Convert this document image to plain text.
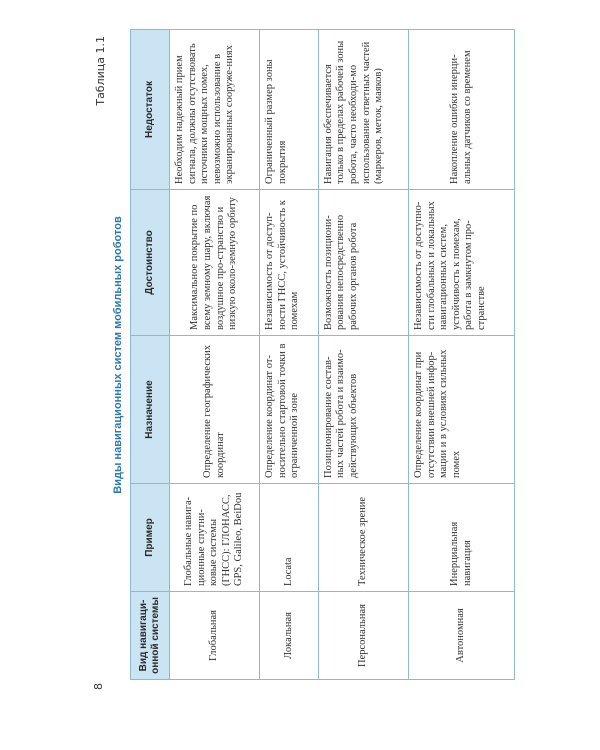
Таблица 1.1
Виды навигационных систем мобильных роботов
Вид навигаци-онной системы	Пример	Назначение	Достоинство	Недостаток
Глобальная	Глобальные навига-ционные спутни-ковые системы (ГНСС): ГЛОНАСС, GPS, Galileo, BeiDou	Определение географических координат	Максимальное покрытие по всему земному шару, включая воздушное про-странство и низкую около-земную орбиту	Необходим надежный прием сигнала, должны отсутствовать источники мощных помех, невозможно использование в экранированных сооруже-ниях
Локальная	Locata	Определение координат от-носительно стартовой точки в ограниченной зоне	Независимость от доступ-ности ГНСС, устойчивость к помехам	Ограниченный размер зоны покрытия
Персональная	Техническое зрение	Позиционирование состав-ных частей робота и взаимо-действующих объектов	Возможность позициони-рования непосредственно рабочих органов робота	Навигация обеспечивается только в пределах рабочей зоны робота, часто необходи-мо использование ответных частей (маркеров, меток, маяков)
Автономная	Инерциальная навигация	Определение координат при отсутствии внешней инфор-мации и в условиях сильных помех	Независимость от доступно-сти глобальных и локальных навигационных систем, устойчивость к помехам, работа в замкнутом про-странстве	Накопление ошибки инерци-альных датчиков со временем
8
